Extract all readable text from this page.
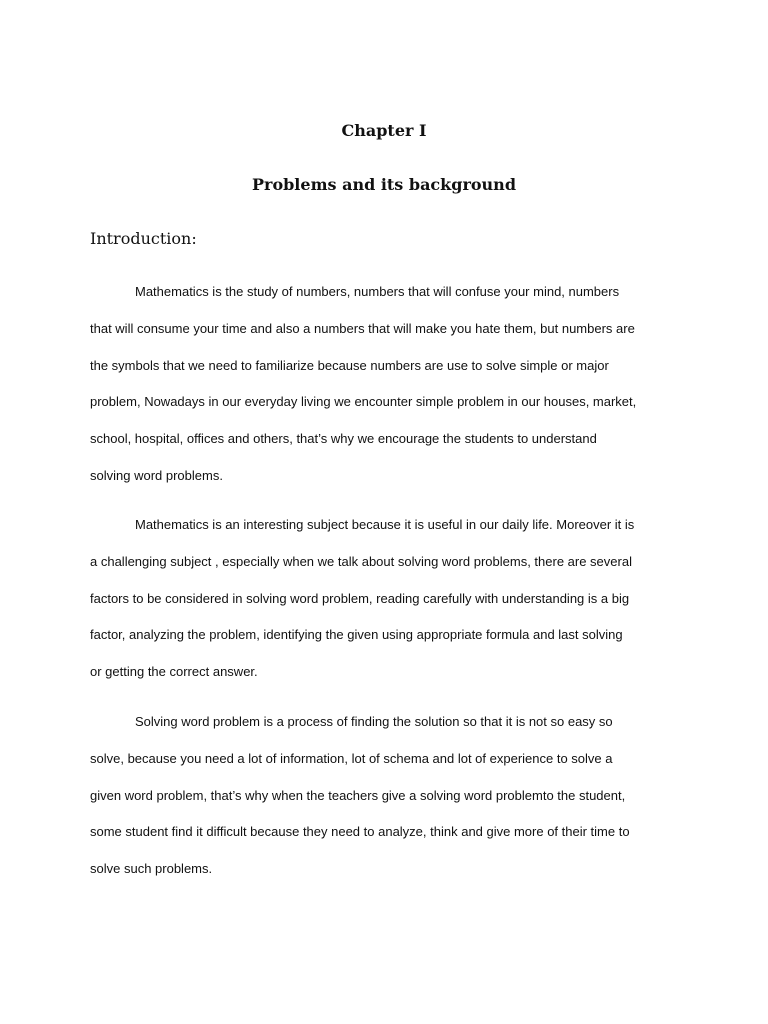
Chapter I
Problems and its background
Introduction:

Mathematics is the study of numbers, numbers that will confuse your mind, numbers
that will consume your time and also a numbers that will make you hate them, but numbers are
the symbols that we need to familiarize because numbers are use to solve simple or major
problem, Nowadays in our everyday living we encounter simple problem in our houses, market,
school, hospital, offices and others, that’s why we encourage the students to understand
solving word problems.

Mathematics is an interesting subject because it is useful in our daily life. Moreover it is
a challenging subject , especially when we talk about solving word problems, there are several
factors to be considered in solving word problem, reading carefully with understanding is a big
factor, analyzing the problem, identifying the given using appropriate formula and last solving
or getting the correct answer.

Solving word problem is a process of finding the solution so that it is not so easy so
solve, because you need a lot of information, lot of schema and lot of experience to solve a
given word problem, that’s why when the teachers give a solving word problemto the student,
some student find it difficult because they need to analyze, think and give more of their time to
solve such problems.
